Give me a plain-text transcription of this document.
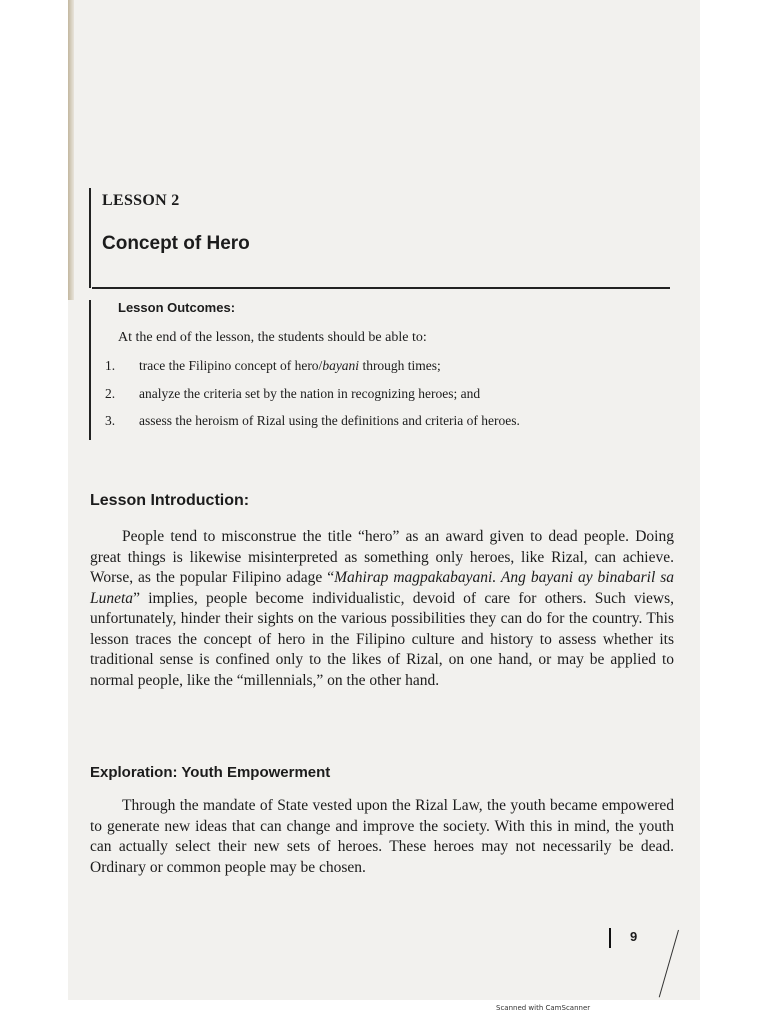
LESSON 2
Concept of Hero
Lesson Outcomes:
At the end of the lesson, the students should be able to:
1. trace the Filipino concept of hero/bayani through times;
2. analyze the criteria set by the nation in recognizing heroes; and
3. assess the heroism of Rizal using the definitions and criteria of heroes.
Lesson Introduction:

People tend to misconstrue the title “hero” as an award given to dead people. Doing great things is likewise misinterpreted as something only heroes, like Rizal, can achieve. Worse, as the popular Filipino adage “Mahirap magpakabayani. Ang bayani ay binabaril sa Luneta” implies, people become individualistic, devoid of care for others. Such views, unfortunately, hinder their sights on the various possibilities they can do for the country. This lesson traces the concept of hero in the Filipino culture and history to assess whether its traditional sense is confined only to the likes of Rizal, on one hand, or may be applied to normal people, like the “millennials,” on the other hand.

Exploration: Youth Empowerment

Through the mandate of State vested upon the Rizal Law, the youth became empowered to generate new ideas that can change and improve the society. With this in mind, the youth can actually select their new sets of heroes. These heroes may not necessarily be dead. Ordinary or common people may be chosen.

9
Scanned with CamScanner
